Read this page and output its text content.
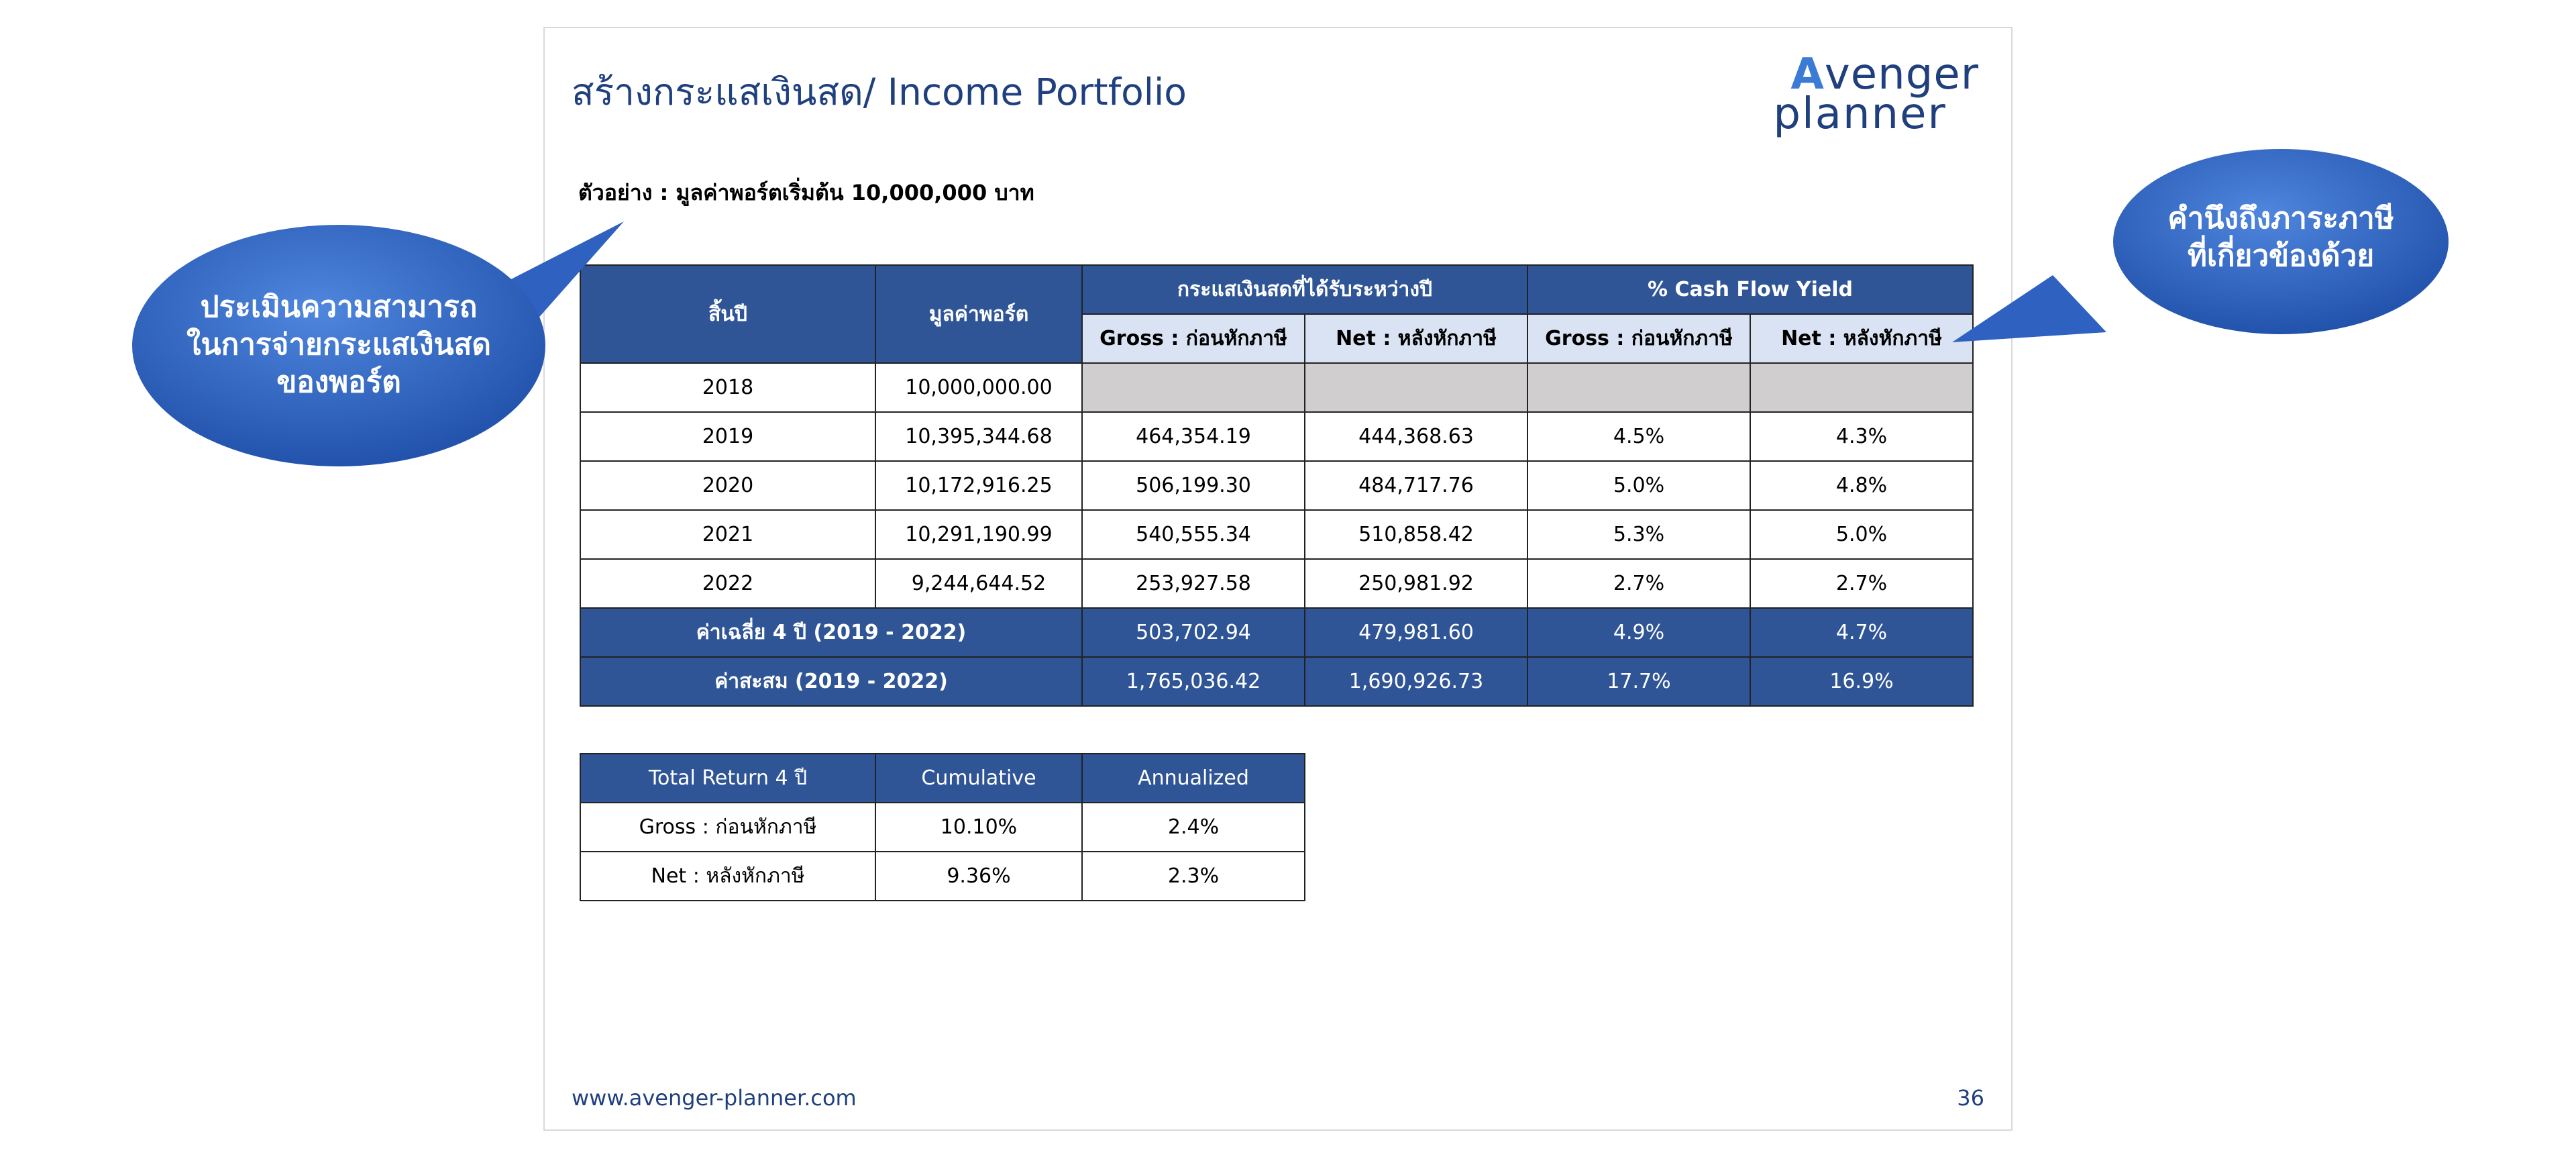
สร้างกระแสเงินสด/ Income Portfolio	Avenger
planner
ตัวอย่าง : มูลค่าพอร์ตเริ่มต้น 10,000,000 บาท
สิ้นปี	มูลค่าพอร์ต	กระแสเงินสดที่ได้รับระหว่างปี		% Cash Flow Yield	
		Gross : ก่อนหักภาษี	Net : หลังหักภาษี	Gross : ก่อนหักภาษี	Net : หลังหักภาษี
2018	10,000,000.00				
2019	10,395,344.68	464,354.19	444,368.63	4.5%	4.3%
2020	10,172,916.25	506,199.30	484,717.76	5.0%	4.8%
2021	10,291,190.99	540,555.34	510,858.42	5.3%	5.0%
2022	9,244,644.52	253,927.58	250,981.92	2.7%	2.7%
ค่าเฉลี่ย 4 ปี (2019 - 2022)		503,702.94	479,981.60	4.9%	4.7%
ค่าสะสม (2019 - 2022)		1,765,036.42	1,690,926.73	17.7%	16.9%
Total Return 4 ปี	Cumulative	Annualized
Gross : ก่อนหักภาษี	10.10%	2.4%
Net : หลังหักภาษี	9.36%	2.3%
www.avenger-planner.com	36
ประเมินความสามารถ
ในการจ่ายกระแสเงินสด
ของพอร์ต
คำนึงถึงภาระภาษี
ที่เกี่ยวข้องด้วย
